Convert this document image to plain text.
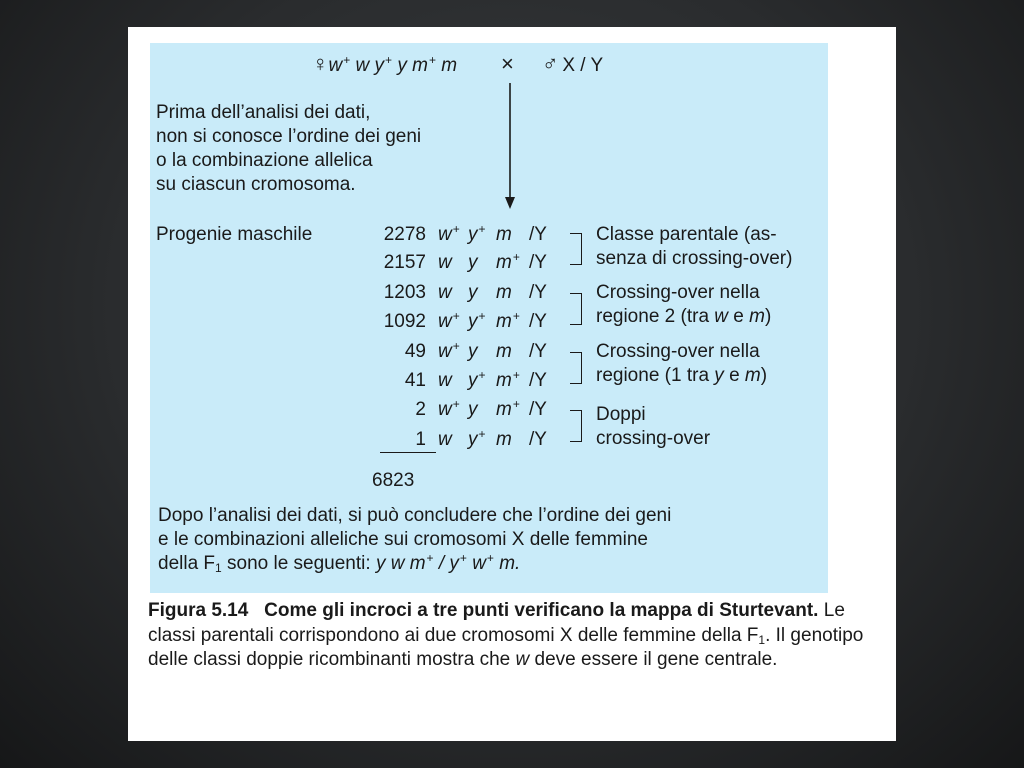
♀w+ w y+ y m+ m × ♂  X / Y
Prima dell’analisi dei dati,
non si conosce l’ordine dei geni
o la combinazione allelica
su ciascun cromosoma.
Progenie maschile	2278 w+ y+ m /Y
2157 w y m+ /Y
1203 w y m /Y
1092 w+ y+ m+ /Y
49 w+ y m /Y
41 w y+ m+ /Y
2 w+ y m+ /Y
1 w y+ m /Y
6823
Classe parentale (as-
senza di crossing-over)
Crossing-over nella
regione 2 (tra w e m)
Crossing-over nella
regione (1 tra y e m)
Doppi
crossing-over
Dopo l’analisi dei dati, si può concludere che l’ordine dei geni
e le combinazioni alleliche sui cromosomi X delle femmine
della $F_1$ sono le seguenti: y w m+ / y+ w+ m.
Figura 5.14 Come gli incroci a tre punti verificano la mappa di Sturtevant. Le classi parentali corrispondono ai due cromosomi X delle femmine della $F_1$. Il genotipo delle classi doppie ricombinanti mostra che w deve essere il gene centrale.
